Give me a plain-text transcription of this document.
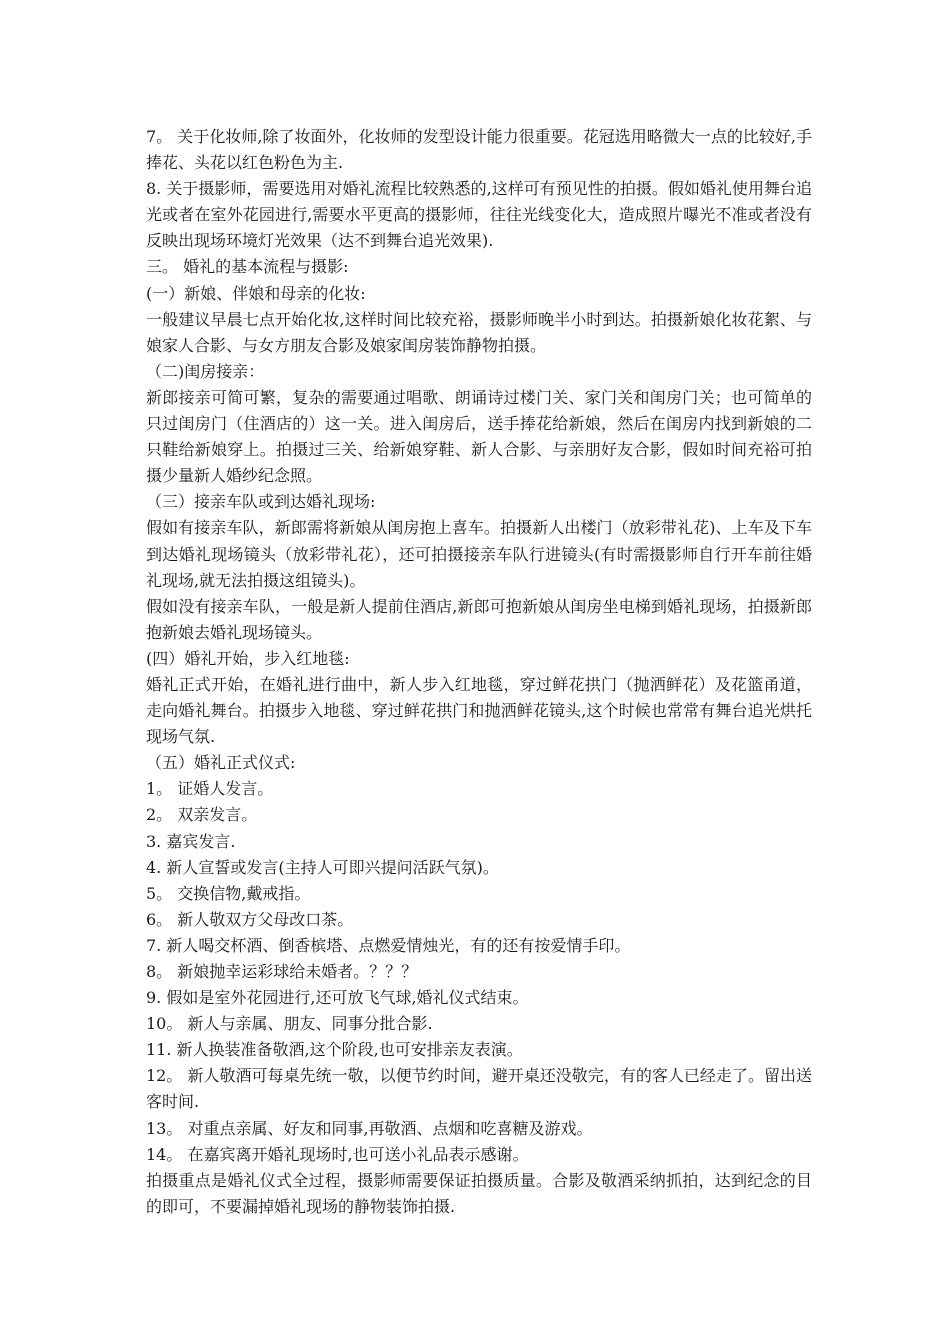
7。 关于化妆师,除了妆面外，化妆师的发型设计能力很重要。花冠选用略微大一点的比较好,手捧花、头花以红色粉色为主.

8. 关于摄影师，需要选用对婚礼流程比较熟悉的,这样可有预见性的拍摄。假如婚礼使用舞台追光或者在室外花园进行,需要水平更高的摄影师，往往光线变化大，造成照片曝光不准或者没有反映出现场环境灯光效果（达不到舞台追光效果).

三。 婚礼的基本流程与摄影:

(一）新娘、伴娘和母亲的化妆:

一般建议早晨七点开始化妆,这样时间比较充裕，摄影师晚半小时到达。拍摄新娘化妆花絮、与娘家人合影、与女方朋友合影及娘家闺房装饰静物拍摄。

（二)闺房接亲：

新郎接亲可简可繁，复杂的需要通过唱歌、朗诵诗过楼门关、家门关和闺房门关；也可简单的只过闺房门（住酒店的）这一关。进入闺房后，送手捧花给新娘，然后在闺房内找到新娘的二只鞋给新娘穿上。拍摄过三关、给新娘穿鞋、新人合影、与亲朋好友合影，假如时间充裕可拍摄少量新人婚纱纪念照。

（三）接亲车队或到达婚礼现场:

假如有接亲车队，新郎需将新娘从闺房抱上喜车。拍摄新人出楼门（放彩带礼花)、上车及下车到达婚礼现场镜头（放彩带礼花），还可拍摄接亲车队行进镜头(有时需摄影师自行开车前往婚礼现场,就无法拍摄这组镜头)。

假如没有接亲车队，一般是新人提前住酒店,新郎可抱新娘从闺房坐电梯到婚礼现场，拍摄新郎抱新娘去婚礼现场镜头。

(四）婚礼开始，步入红地毯:

婚礼正式开始，在婚礼进行曲中，新人步入红地毯，穿过鲜花拱门（抛洒鲜花）及花篮甬道，走向婚礼舞台。拍摄步入地毯、穿过鲜花拱门和抛洒鲜花镜头,这个时候也常常有舞台追光烘托现场气氛.

（五）婚礼正式仪式:

1。 证婚人发言。

2。 双亲发言。

3. 嘉宾发言.

4. 新人宣誓或发言(主持人可即兴提问活跃气氛)。

5。 交换信物,戴戒指。

6。 新人敬双方父母改口茶。

7. 新人喝交杯酒、倒香槟塔、点燃爱情烛光，有的还有按爱情手印。

8。 新娘抛幸运彩球给未婚者。？？？

9. 假如是室外花园进行,还可放飞气球,婚礼仪式结束。

10。 新人与亲属、朋友、同事分批合影.

11. 新人换装准备敬酒,这个阶段,也可安排亲友表演。

12。 新人敬酒可每桌先统一敬，以便节约时间，避开桌还没敬完，有的客人已经走了。留出送客时间.

13。 对重点亲属、好友和同事,再敬酒、点烟和吃喜糖及游戏。

14。 在嘉宾离开婚礼现场时,也可送小礼品表示感谢。

拍摄重点是婚礼仪式全过程，摄影师需要保证拍摄质量。合影及敬酒采纳抓拍，达到纪念的目的即可，不要漏掉婚礼现场的静物装饰拍摄.
